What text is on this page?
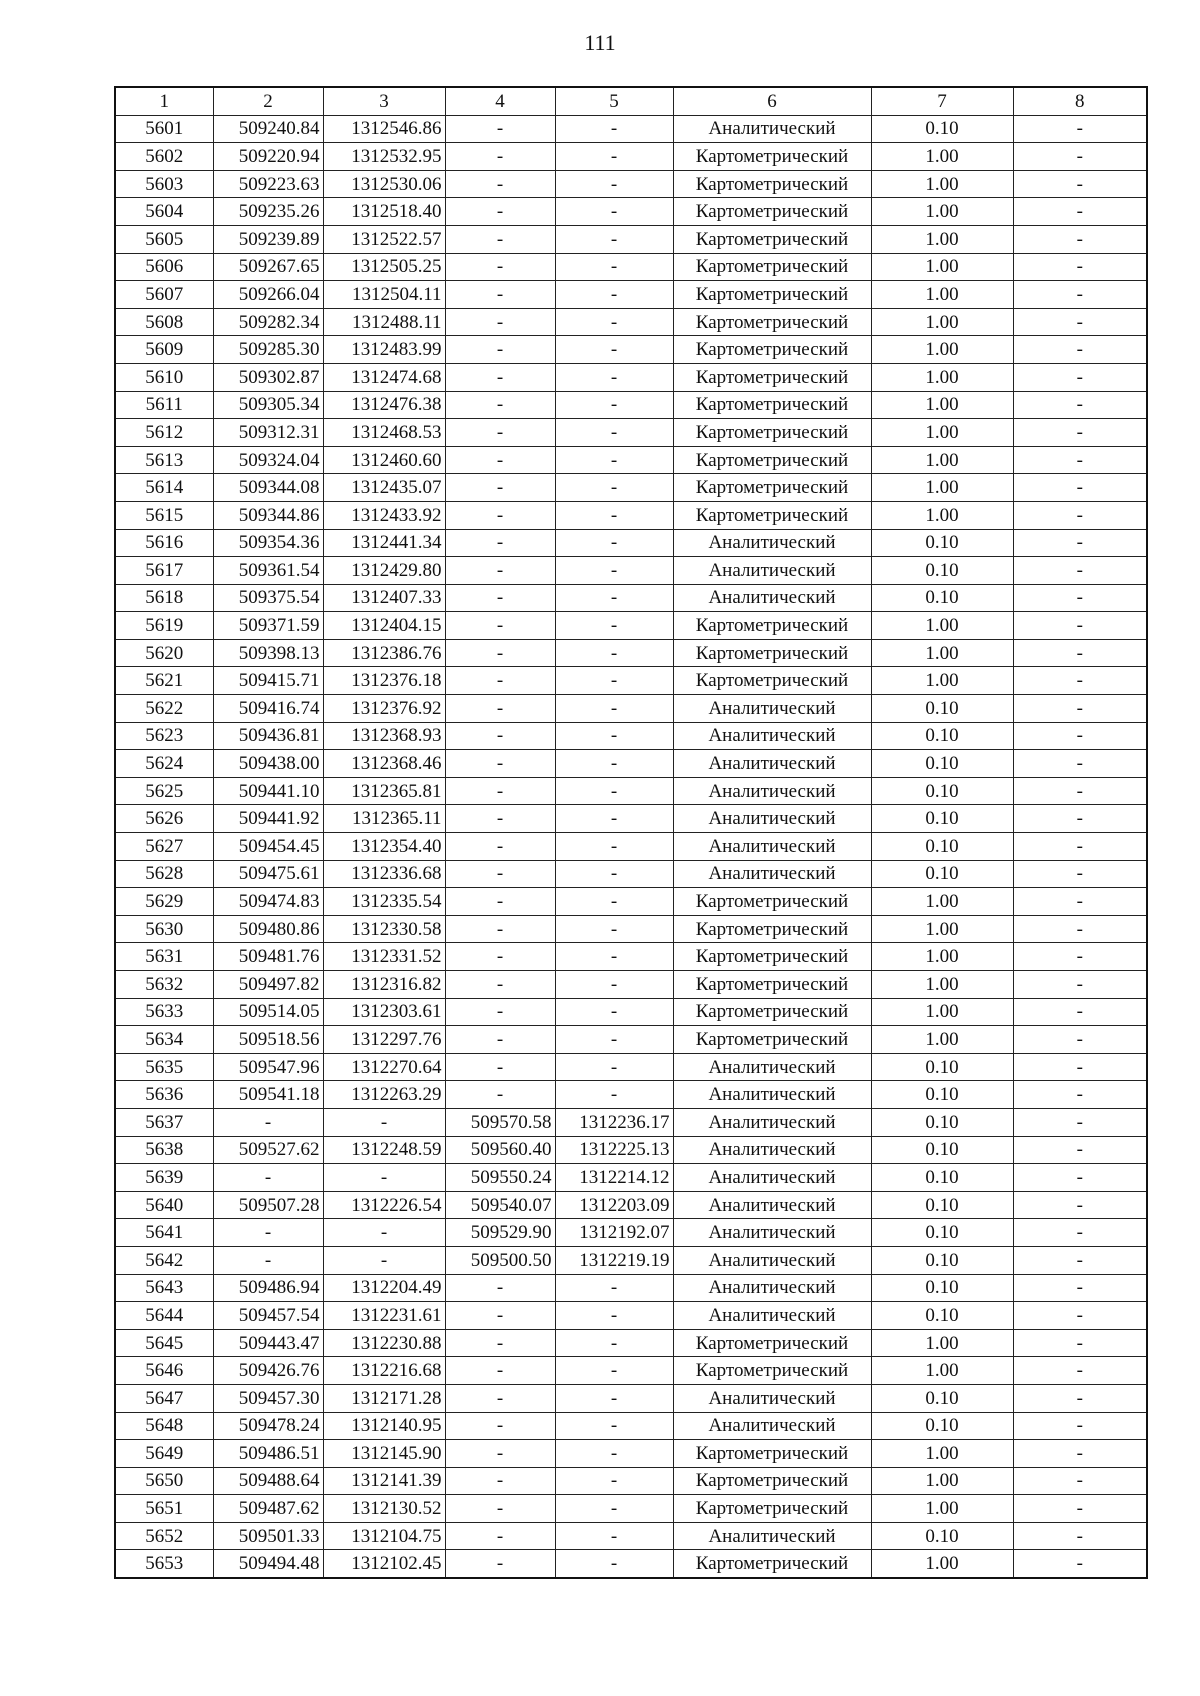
111
1	2	3	4	5	6	7	8
5601	509240.84	1312546.86	-	-	Аналитический	0.10	-
5602	509220.94	1312532.95	-	-	Картометрический	1.00	-
5603	509223.63	1312530.06	-	-	Картометрический	1.00	-
5604	509235.26	1312518.40	-	-	Картометрический	1.00	-
5605	509239.89	1312522.57	-	-	Картометрический	1.00	-
5606	509267.65	1312505.25	-	-	Картометрический	1.00	-
5607	509266.04	1312504.11	-	-	Картометрический	1.00	-
5608	509282.34	1312488.11	-	-	Картометрический	1.00	-
5609	509285.30	1312483.99	-	-	Картометрический	1.00	-
5610	509302.87	1312474.68	-	-	Картометрический	1.00	-
5611	509305.34	1312476.38	-	-	Картометрический	1.00	-
5612	509312.31	1312468.53	-	-	Картометрический	1.00	-
5613	509324.04	1312460.60	-	-	Картометрический	1.00	-
5614	509344.08	1312435.07	-	-	Картометрический	1.00	-
5615	509344.86	1312433.92	-	-	Картометрический	1.00	-
5616	509354.36	1312441.34	-	-	Аналитический	0.10	-
5617	509361.54	1312429.80	-	-	Аналитический	0.10	-
5618	509375.54	1312407.33	-	-	Аналитический	0.10	-
5619	509371.59	1312404.15	-	-	Картометрический	1.00	-
5620	509398.13	1312386.76	-	-	Картометрический	1.00	-
5621	509415.71	1312376.18	-	-	Картометрический	1.00	-
5622	509416.74	1312376.92	-	-	Аналитический	0.10	-
5623	509436.81	1312368.93	-	-	Аналитический	0.10	-
5624	509438.00	1312368.46	-	-	Аналитический	0.10	-
5625	509441.10	1312365.81	-	-	Аналитический	0.10	-
5626	509441.92	1312365.11	-	-	Аналитический	0.10	-
5627	509454.45	1312354.40	-	-	Аналитический	0.10	-
5628	509475.61	1312336.68	-	-	Аналитический	0.10	-
5629	509474.83	1312335.54	-	-	Картометрический	1.00	-
5630	509480.86	1312330.58	-	-	Картометрический	1.00	-
5631	509481.76	1312331.52	-	-	Картометрический	1.00	-
5632	509497.82	1312316.82	-	-	Картометрический	1.00	-
5633	509514.05	1312303.61	-	-	Картометрический	1.00	-
5634	509518.56	1312297.76	-	-	Картометрический	1.00	-
5635	509547.96	1312270.64	-	-	Аналитический	0.10	-
5636	509541.18	1312263.29	-	-	Аналитический	0.10	-
5637	-	-	509570.58	1312236.17	Аналитический	0.10	-
5638	509527.62	1312248.59	509560.40	1312225.13	Аналитический	0.10	-
5639	-	-	509550.24	1312214.12	Аналитический	0.10	-
5640	509507.28	1312226.54	509540.07	1312203.09	Аналитический	0.10	-
5641	-	-	509529.90	1312192.07	Аналитический	0.10	-
5642	-	-	509500.50	1312219.19	Аналитический	0.10	-
5643	509486.94	1312204.49	-	-	Аналитический	0.10	-
5644	509457.54	1312231.61	-	-	Аналитический	0.10	-
5645	509443.47	1312230.88	-	-	Картометрический	1.00	-
5646	509426.76	1312216.68	-	-	Картометрический	1.00	-
5647	509457.30	1312171.28	-	-	Аналитический	0.10	-
5648	509478.24	1312140.95	-	-	Аналитический	0.10	-
5649	509486.51	1312145.90	-	-	Картометрический	1.00	-
5650	509488.64	1312141.39	-	-	Картометрический	1.00	-
5651	509487.62	1312130.52	-	-	Картометрический	1.00	-
5652	509501.33	1312104.75	-	-	Аналитический	0.10	-
5653	509494.48	1312102.45	-	-	Картометрический	1.00	-
